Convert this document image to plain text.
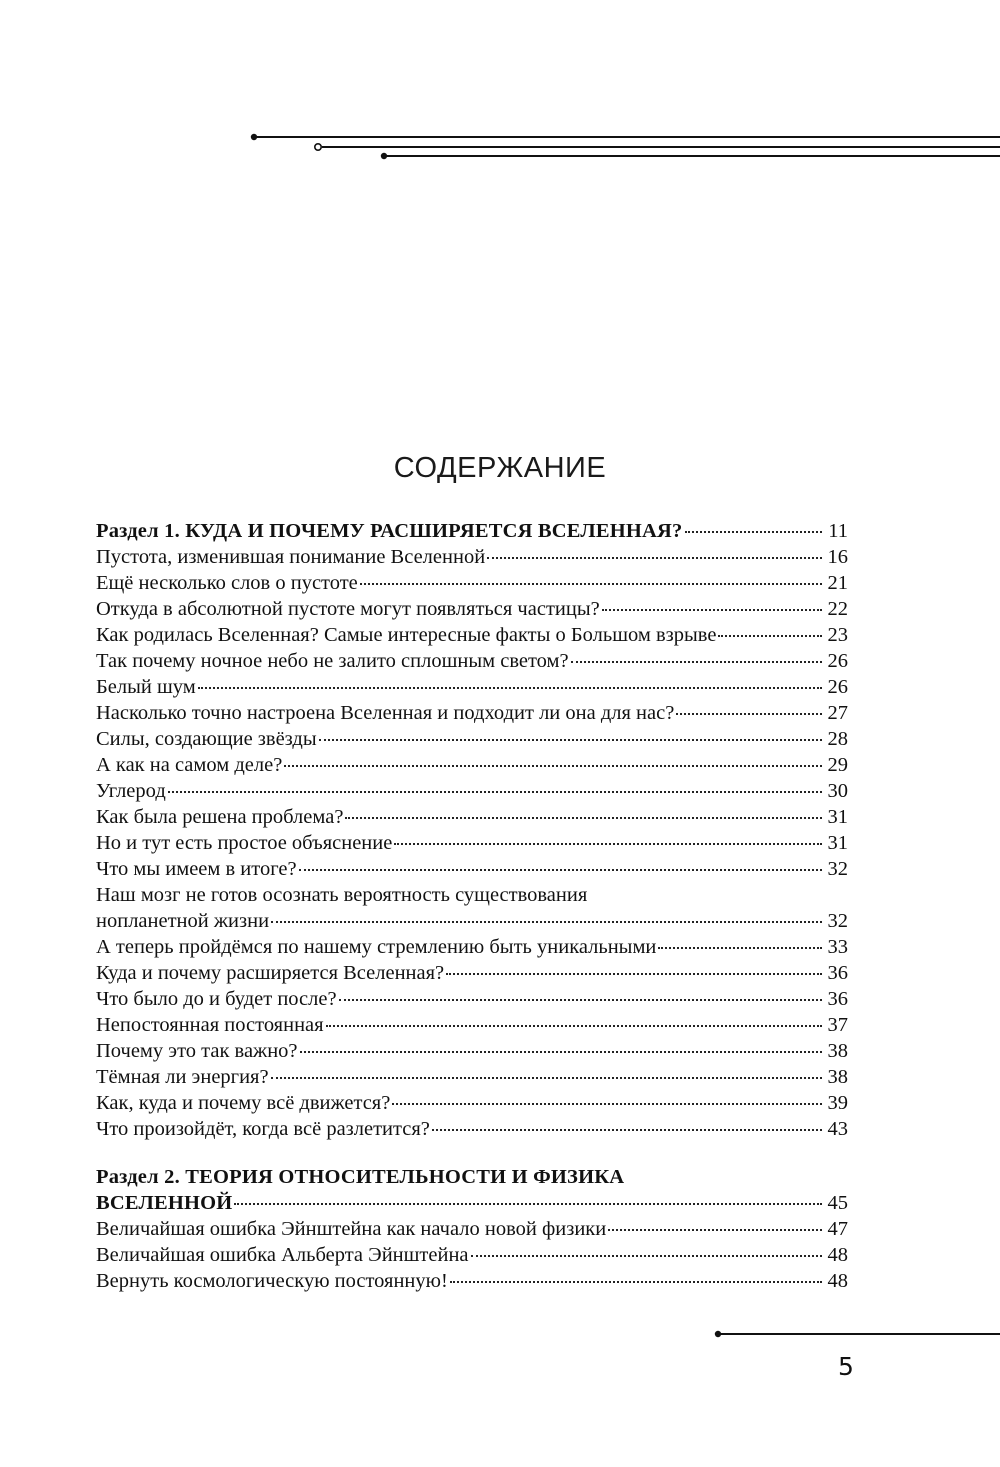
СОДЕРЖАНИЕ
Раздел 1. КУДА И ПОЧЕМУ РАСШИРЯЕТСЯ ВСЕЛЕННАЯ?	11
Пустота, изменившая понимание Вселенной	16
Ещё несколько слов о пустоте	21
Откуда в абсолютной пустоте могут появляться частицы?	22
Как родилась Вселенная? Самые интересные факты о Большом взрыве	23
Так почему ночное небо не залито сплошным светом?	26
Белый шум	26
Насколько точно настроена Вселенная и подходит ли она для нас?	27
Силы, создающие звёзды	28
А как на самом деле?	29
Углерод	30
Как была решена проблема?	31
Но и тут есть простое объяснение	31
Что мы имеем в итоге?	32
Наш мозг не готов осознать вероятность существования
нопланетной жизни	32
А теперь пройдёмся по нашему стремлению быть уникальными	33
Куда и почему расширяется Вселенная?	36
Что было до и будет после?	36
Непостоянная постоянная	37
Почему это так важно?	38
Тёмная ли энергия?	38
Как, куда и почему всё движется?	39
Что произойдёт, когда всё разлетится?	43
Раздел 2. ТЕОРИЯ ОТНОСИТЕЛЬНОСТИ И ФИЗИКА
ВСЕЛЕННОЙ	45
Величайшая ошибка Эйнштейна как начало новой физики	47
Величайшая ошибка Альберта Эйнштейна	48
Вернуть космологическую постоянную!	48
5
